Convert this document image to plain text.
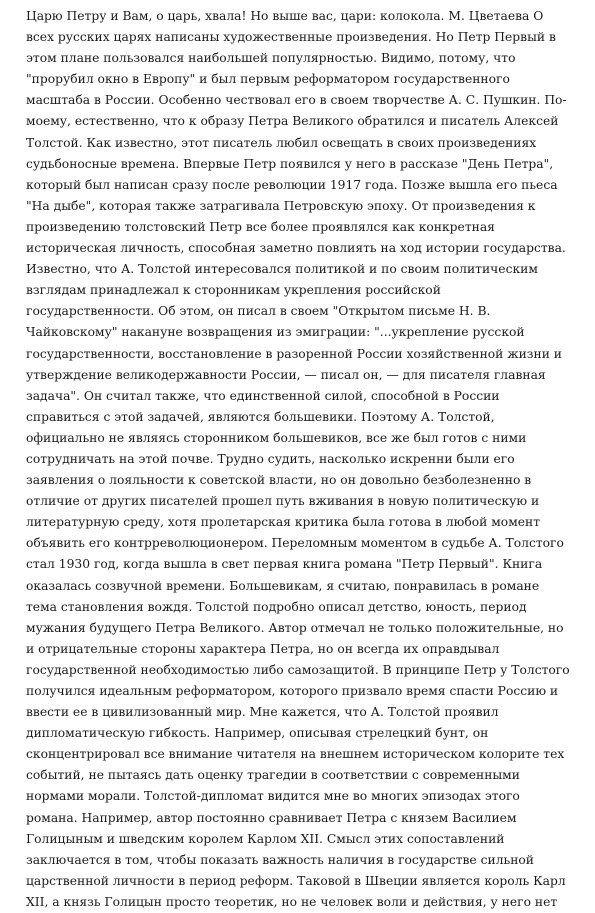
Царю Петру и Вам, о царь, хвала! Но выше вас, цари: колокола. М. Цветаева О
всех русских царях написаны художественные произведения. Но Петр Первый в
этом плане пользовался наибольшей популярностью. Видимо, потому, что
"прорубил окно в Европу" и был первым реформатором государственного
масштаба в России. Особенно чествовал его в своем творчестве А. С. Пушкин. По-
моему, естественно, что к образу Петра Великого обратился и писатель Алексей
Толстой. Как известно, этот писатель любил освещать в своих произведениях
судьбоносные времена. Впервые Петр появился у него в рассказе "День Петра",
который был написан сразу после революции 1917 года. Позже вышла его пьеса
"На дыбе", которая также затрагивала Петровскую эпоху. От произведения к
произведению толстовский Петр все более проявлялся как конкретная
историческая личность, способная заметно повлиять на ход истории государства.
Известно, что А. Толстой интересовался политикой и по своим политическим
взглядам принадлежал к сторонникам укрепления российской
государственности. Об этом, он писал в своем "Открытом письме Н. В.
Чайковскому" накануне возвращения из эмиграции: "...укрепление русской
государственности, восстановление в разоренной России хозяйственной жизни и
утверждение великодержавности России, — писал он, — для писателя главная
задача". Он считал также, что единственной силой, способной в России
справиться с этой задачей, являются большевики. Поэтому А. Толстой,
официально не являясь сторонником большевиков, все же был готов с ними
сотрудничать на этой почве. Трудно судить, насколько искренни были его
заявления о лояльности к советской власти, но он довольно безболезненно в
отличие от других писателей прошел путь вживания в новую политическую и
литературную среду, хотя пролетарская критика была готова в любой момент
объявить его контрреволюционером. Переломным моментом в судьбе А. Толстого
стал 1930 год, когда вышла в свет первая книга романа "Петр Первый". Книга
оказалась созвучной времени. Большевикам, я считаю, понравилась в романе
тема становления вождя. Толстой подробно описал детство, юность, период
мужания будущего Петра Великого. Автор отмечал не только положительные, но
и отрицательные стороны характера Петра, но он всегда их оправдывал
государственной необходимостью либо самозащитой. В принципе Петр у Толстого
получился идеальным реформатором, которого призвало время спасти Россию и
ввести ее в цивилизованный мир. Мне кажется, что А. Толстой проявил
дипломатическую гибкость. Например, описывая стрелецкий бунт, он
сконцентрировал все внимание читателя на внешнем историческом колорите тех
событий, не пытаясь дать оценку трагедии в соответствии с современными
нормами морали. Толстой-дипломат видится мне во многих эпизодах этого
романа. Например, автор постоянно сравнивает Петра с князем Василием
Голицыным и шведским королем Карлом XII. Смысл этих сопоставлений
заключается в том, чтобы показать важность наличия в государстве сильной
царственной личности в период реформ. Таковой в Швеции является король Карл
XII, а князь Голицын просто теоретик, но не человек воли и действия, у него нет
